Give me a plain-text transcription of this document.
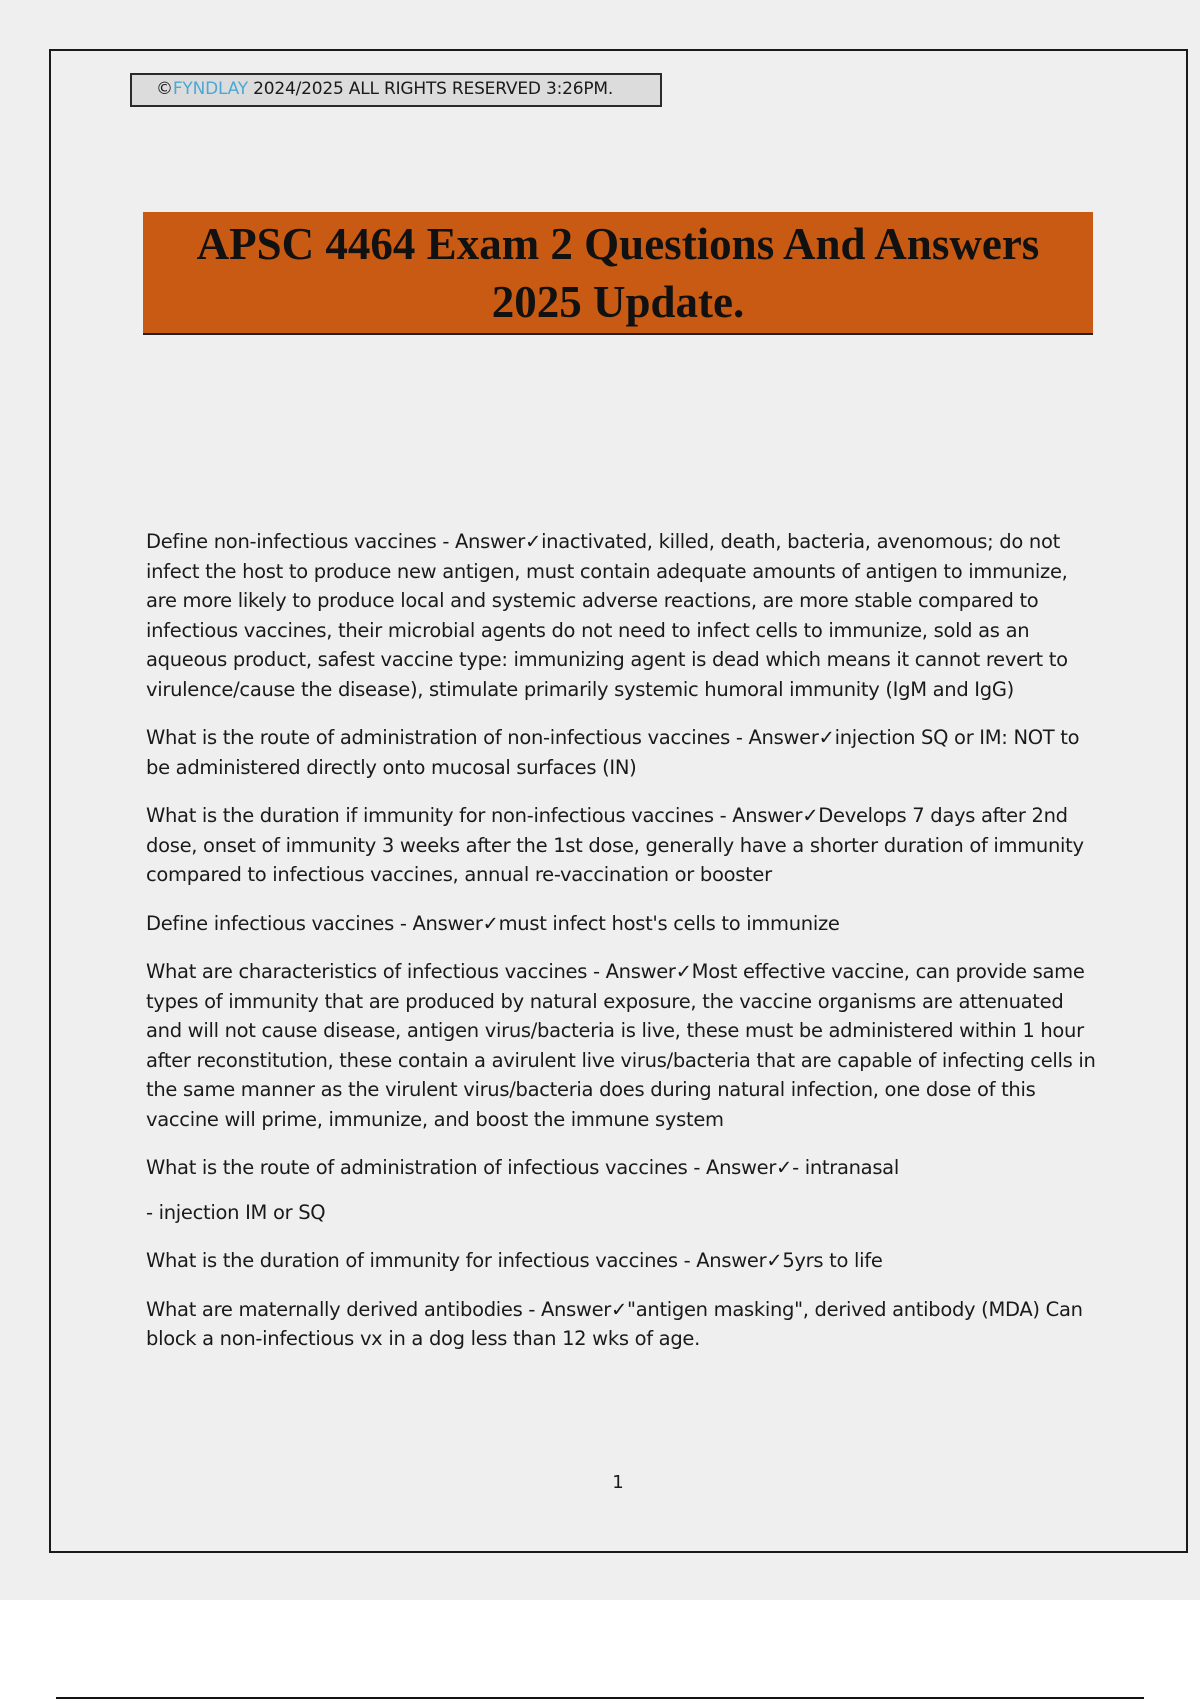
©FYNDLAY 2024/2025 ALL RIGHTS RESERVED 3:26PM.
APSC 4464 Exam 2 Questions And Answers
2025 Update.

Define non-infectious vaccines - Answer✓inactivated, killed, death, bacteria, avenomous; do not infect the host to produce new antigen, must contain adequate amounts of antigen to immunize, are more likely to produce local and systemic adverse reactions, are more stable compared to infectious vaccines, their microbial agents do not need to infect cells to immunize, sold as an aqueous product, safest vaccine type: immunizing agent is dead which means it cannot revert to virulence/cause the disease), stimulate primarily systemic humoral immunity (IgM and IgG)

What is the route of administration of non-infectious vaccines - Answer✓injection SQ or IM: NOT to be administered directly onto mucosal surfaces (IN)

What is the duration if immunity for non-infectious vaccines - Answer✓Develops 7 days after 2nd dose, onset of immunity 3 weeks after the 1st dose, generally have a shorter duration of immunity compared to infectious vaccines, annual re-vaccination or booster

Define infectious vaccines - Answer✓must infect host's cells to immunize

What are characteristics of infectious vaccines - Answer✓Most effective vaccine, can provide same types of immunity that are produced by natural exposure, the vaccine organisms are attenuated and will not cause disease, antigen virus/bacteria is live, these must be administered within 1 hour after reconstitution, these contain a avirulent live virus/bacteria that are capable of infecting cells in the same manner as the virulent virus/bacteria does during natural infection, one dose of this vaccine will prime, immunize, and boost the immune system

What is the route of administration of infectious vaccines - Answer✓- intranasal

- injection IM or SQ

What is the duration of immunity for infectious vaccines - Answer✓5yrs to life

What are maternally derived antibodies - Answer✓"antigen masking", derived antibody (MDA) Can block a non-infectious vx in a dog less than 12 wks of age.

1
